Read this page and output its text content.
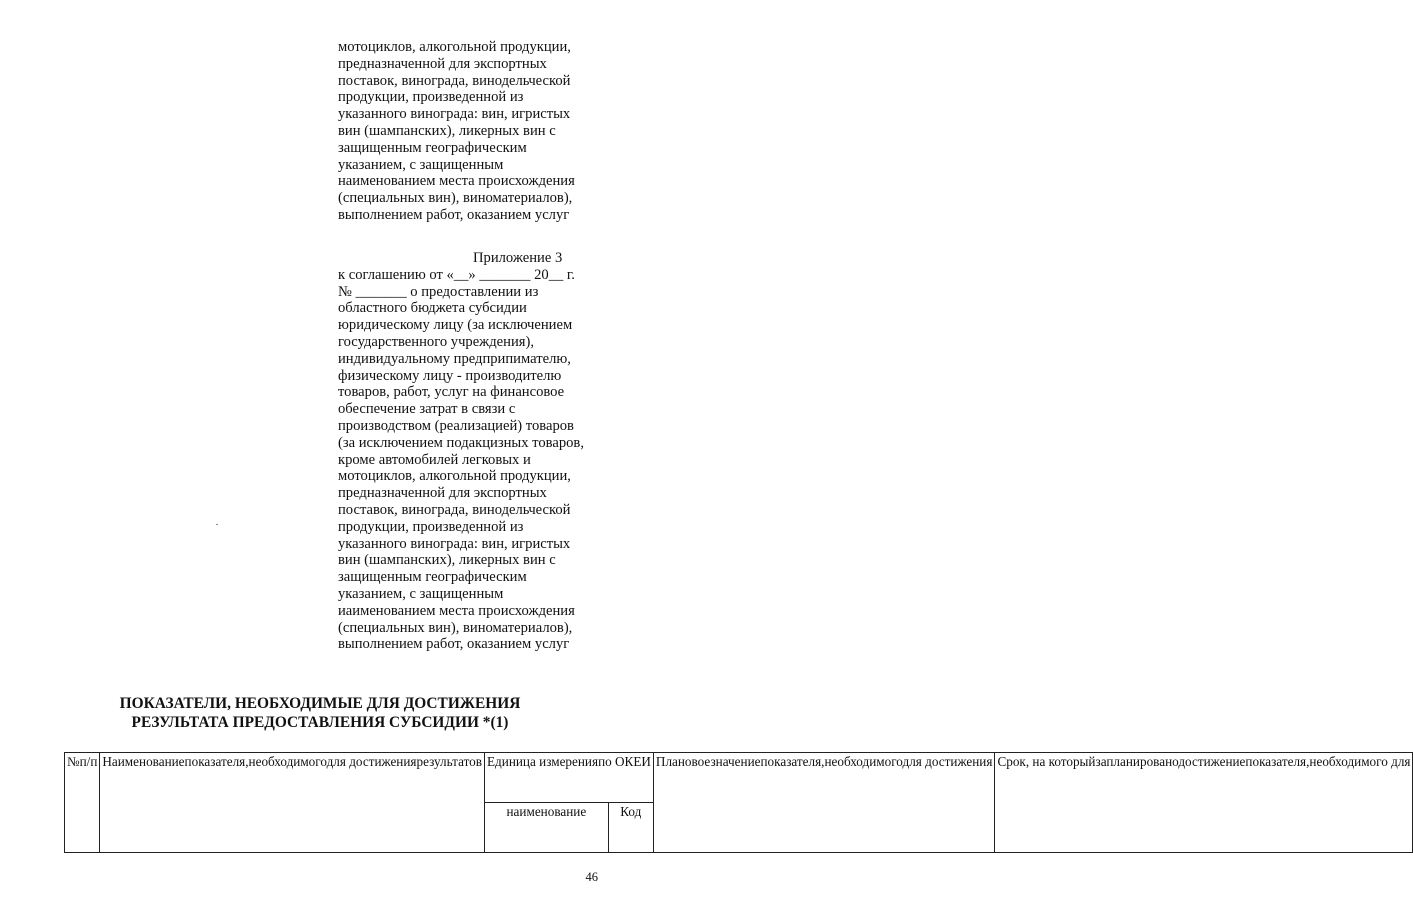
мотоциклов, алкогольной продукции,
предназначенной для экспортных
поставок, винограда, винодельческой
продукции, произведенной из
указанного винограда: вин, игристых
вин (шампанских), ликерных вин с
защищенным географическим
указанием, с защищенным
наименованием места происхождения
(специальных вин), виноматериалов),
выполнением работ, оказанием услуг
Приложение 3
к соглашению от «__» _______ 20__ г.
№ _______ о предоставлении из
областного бюджета субсидии
юридическому лицу (за исключением
государственного учреждения),
индивидуальному предприпимателю,
физическому лицу - производителю
товаров, работ, услуг на финансовое
обеспечение затрат в связи с
производством (реализацией) товаров
(за исключением подакцизных товаров,
кроме автомобилей легковых и
мотоциклов, алкогольной продукции,
предназначенной для экспортных
поставок, винограда, винодельческой
продукции, произведенной из
указанного винограда: вин, игристых
вин (шампанских), ликерных вин с
защищенным географическим
указанием, с защищенным
иаименованием места происхождения
(специальных вин), виноматериалов),
выполнением работ, оказанием услуг
ПОКАЗАТЕЛИ, НЕОБХОДИМЫЕ ДЛЯ ДОСТИЖЕНИЯ
РЕЗУЛЬТАТА ПРЕДОСТАВЛЕНИЯ СУБСИДИИ *(1)
№п/п	Наименованиепоказателя,необходимогодля достижениярезультатов	Единица измеренияпо ОКЕИ		Плановоезначениепоказателя,необходимогодля достижения	Срок, на которыйзапланированодостижениепоказателя,необходимого для

		наименование	Код		
46
